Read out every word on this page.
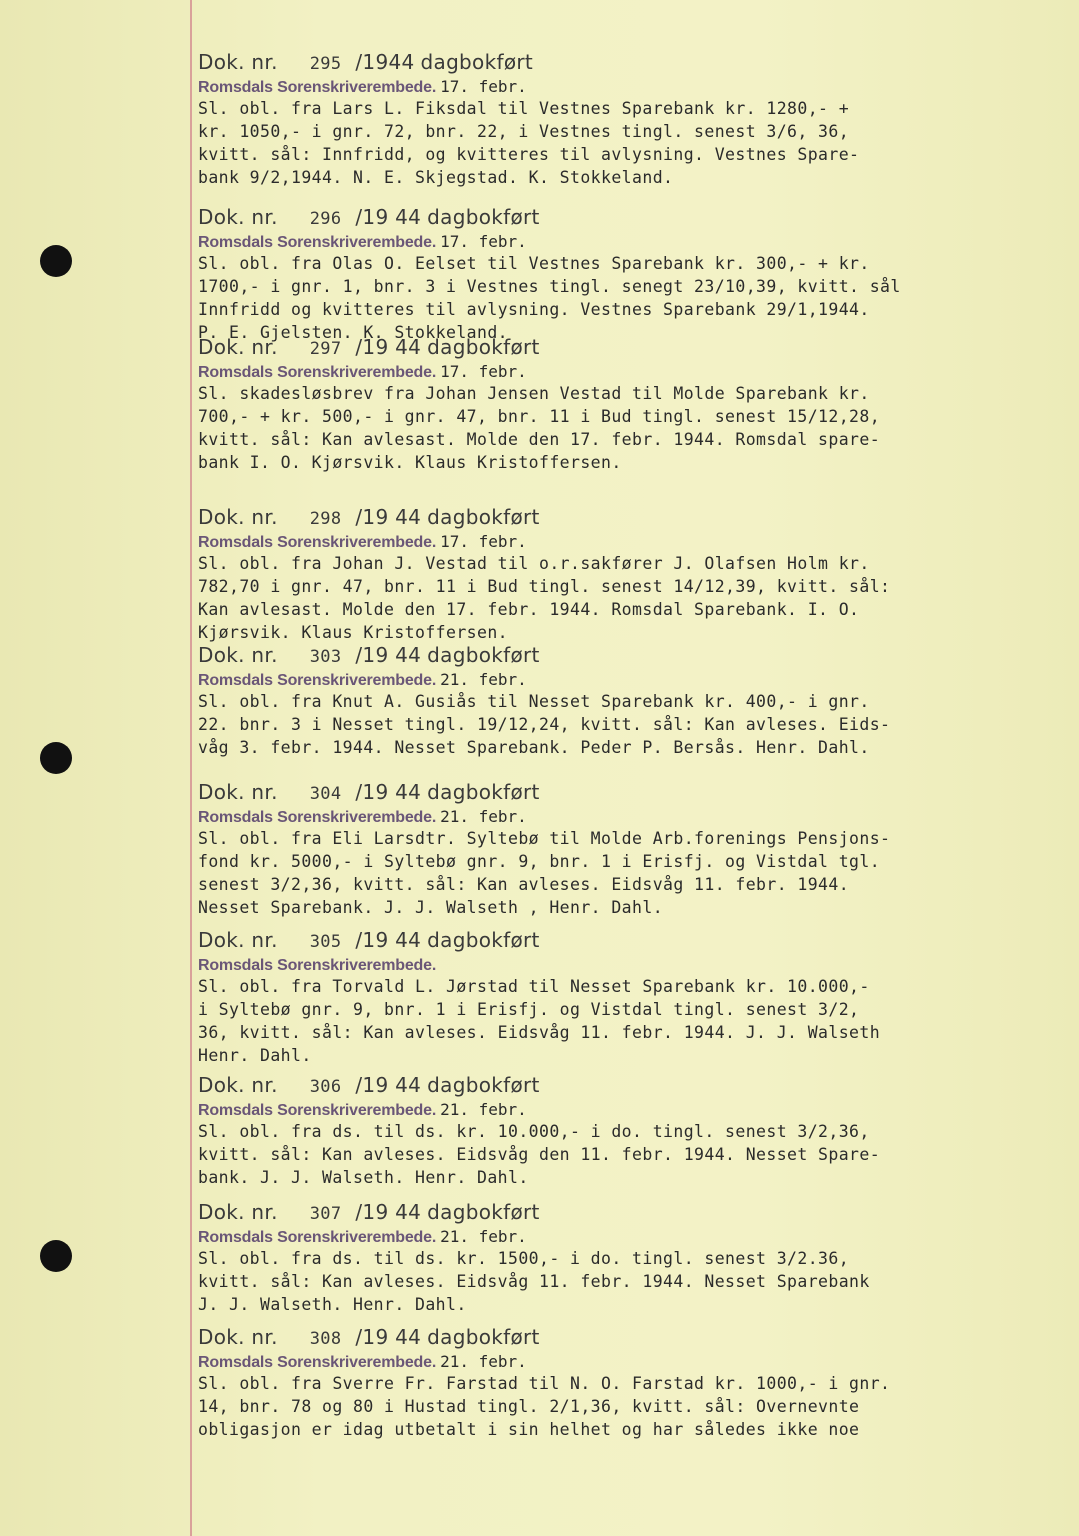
Dok. nr. 295 /1944 dagbokført
Romsdals Sorenskriverembede. 17. febr.
Sl. obl. fra Lars L. Fiksdal til Vestnes Sparebank kr. 1280,- +
kr. 1050,- i gnr. 72, bnr. 22, i Vestnes tingl. senest 3/6, 36,
kvitt. sål: Innfridd, og kvitteres til avlysning. Vestnes Spare-
bank 9/2,1944. N. E. Skjegstad. K. Stokkeland.
Dok. nr. 296 /19 44 dagbokført
Romsdals Sorenskriverembede. 17. febr.
Sl. obl. fra Olas O. Eelset til Vestnes Sparebank kr. 300,- + kr.
1700,- i gnr. 1, bnr. 3 i Vestnes tingl. senegt 23/10,39, kvitt. sål
Innfridd og kvitteres til avlysning. Vestnes Sparebank 29/1,1944.
P. E. Gjelsten. K. Stokkeland.
Dok. nr. 297 /19 44 dagbokført
Romsdals Sorenskriverembede. 17. febr.
Sl. skadesløsbrev fra Johan Jensen Vestad til Molde Sparebank kr.
700,- + kr. 500,- i gnr. 47, bnr. 11 i Bud tingl. senest 15/12,28,
kvitt. sål: Kan avlesast. Molde den 17. febr. 1944. Romsdal spare-
bank I. O. Kjørsvik. Klaus Kristoffersen.
Dok. nr. 298 /19 44 dagbokført
Romsdals Sorenskriverembede. 17. febr.
Sl. obl. fra Johan J. Vestad til o.r.sakfører J. Olafsen Holm kr.
782,70 i gnr. 47, bnr. 11 i Bud tingl. senest 14/12,39, kvitt. sål:
Kan avlesast. Molde den 17. febr. 1944. Romsdal Sparebank. I. O.
Kjørsvik. Klaus Kristoffersen.
Dok. nr. 303 /19 44 dagbokført
Romsdals Sorenskriverembede. 21. febr.
Sl. obl. fra Knut A. Gusiås til Nesset Sparebank kr. 400,- i gnr.
22. bnr. 3 i Nesset tingl. 19/12,24, kvitt. sål: Kan avleses. Eids-
våg 3. febr. 1944. Nesset Sparebank. Peder P. Bersås. Henr. Dahl.
Dok. nr. 304 /19 44 dagbokført
Romsdals Sorenskriverembede. 21. febr.
Sl. obl. fra Eli Larsdtr. Syltebø til Molde Arb.forenings Pensjons-
fond kr. 5000,- i Syltebø gnr. 9, bnr. 1 i Erisfj. og Vistdal tgl.
senest 3/2,36, kvitt. sål: Kan avleses. Eidsvåg 11. febr. 1944.
Nesset Sparebank. J. J. Walseth , Henr. Dahl.
Dok. nr. 305 /19 44 dagbokført
Romsdals Sorenskriverembede.
Sl. obl. fra Torvald L. Jørstad til Nesset Sparebank kr. 10.000,-
i Syltebø gnr. 9, bnr. 1 i Erisfj. og Vistdal tingl. senest 3/2,
36, kvitt. sål: Kan avleses. Eidsvåg 11. febr. 1944. J. J. Walseth
Henr. Dahl.
Dok. nr. 306 /19 44 dagbokført
Romsdals Sorenskriverembede. 21. febr.
Sl. obl. fra ds. til ds. kr. 10.000,- i do. tingl. senest 3/2,36,
kvitt. sål: Kan avleses. Eidsvåg den 11. febr. 1944. Nesset Spare-
bank. J. J. Walseth. Henr. Dahl.
Dok. nr. 307 /19 44 dagbokført
Romsdals Sorenskriverembede. 21. febr.
Sl. obl. fra ds. til ds. kr. 1500,- i do. tingl. senest 3/2.36,
kvitt. sål: Kan avleses. Eidsvåg 11. febr. 1944. Nesset Sparebank
J. J. Walseth. Henr. Dahl.
Dok. nr. 308 /19 44 dagbokført
Romsdals Sorenskriverembede. 21. febr.
Sl. obl. fra Sverre Fr. Farstad til N. O. Farstad kr. 1000,- i gnr.
14, bnr. 78 og 80 i Hustad tingl. 2/1,36, kvitt. sål: Overnevnte
obligasjon er idag utbetalt i sin helhet og har således ikke noe
